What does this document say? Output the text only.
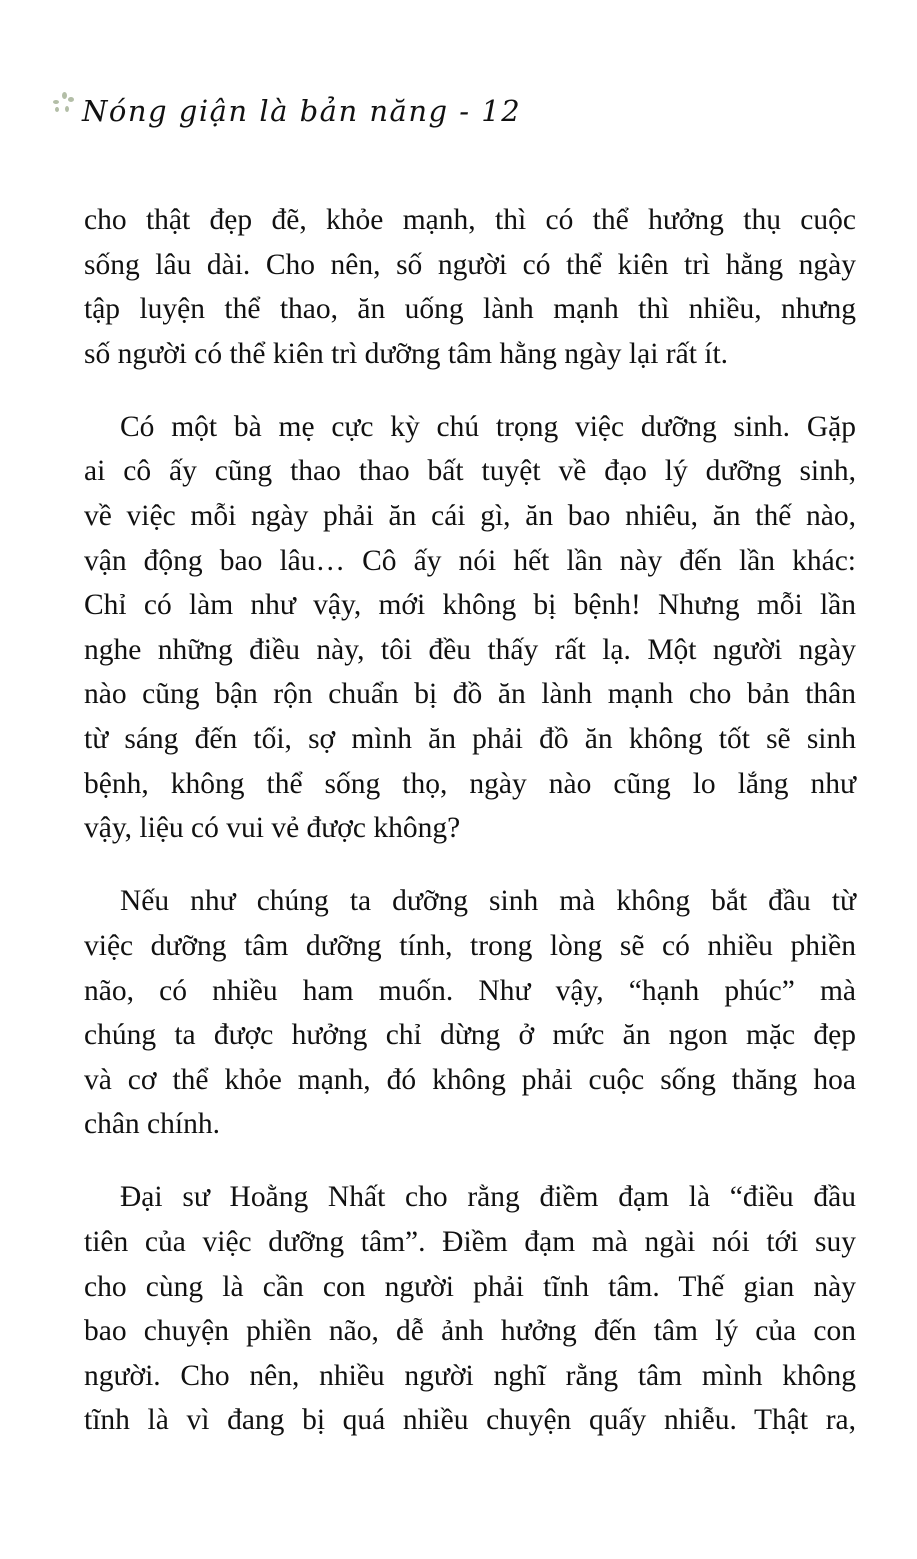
Nóng giận là bản năng - 12

cho thật đẹp đẽ, khỏe mạnh, thì có thể hưởng thụ cuộc
sống lâu dài. Cho nên, số người có thể kiên trì hằng ngày
tập luyện thể thao, ăn uống lành mạnh thì nhiều, nhưng
số người có thể kiên trì dưỡng tâm hằng ngày lại rất ít.

Có một bà mẹ cực kỳ chú trọng việc dưỡng sinh. Gặp
ai cô ấy cũng thao thao bất tuyệt về đạo lý dưỡng sinh,
về việc mỗi ngày phải ăn cái gì, ăn bao nhiêu, ăn thế nào,
vận động bao lâu… Cô ấy nói hết lần này đến lần khác:
Chỉ có làm như vậy, mới không bị bệnh! Nhưng mỗi lần
nghe những điều này, tôi đều thấy rất lạ. Một người ngày
nào cũng bận rộn chuẩn bị đồ ăn lành mạnh cho bản thân
từ sáng đến tối, sợ mình ăn phải đồ ăn không tốt sẽ sinh
bệnh, không thể sống thọ, ngày nào cũng lo lắng như
vậy, liệu có vui vẻ được không?

Nếu như chúng ta dưỡng sinh mà không bắt đầu từ
việc dưỡng tâm dưỡng tính, trong lòng sẽ có nhiều phiền
não, có nhiều ham muốn. Như vậy, “hạnh phúc” mà
chúng ta được hưởng chỉ dừng ở mức ăn ngon mặc đẹp
và cơ thể khỏe mạnh, đó không phải cuộc sống thăng hoa
chân chính.

Đại sư Hoằng Nhất cho rằng điềm đạm là “điều đầu
tiên của việc dưỡng tâm”. Điềm đạm mà ngài nói tới suy
cho cùng là cần con người phải tĩnh tâm. Thế gian này
bao chuyện phiền não, dễ ảnh hưởng đến tâm lý của con
người. Cho nên, nhiều người nghĩ rằng tâm mình không
tĩnh là vì đang bị quá nhiều chuyện quấy nhiễu. Thật ra,
